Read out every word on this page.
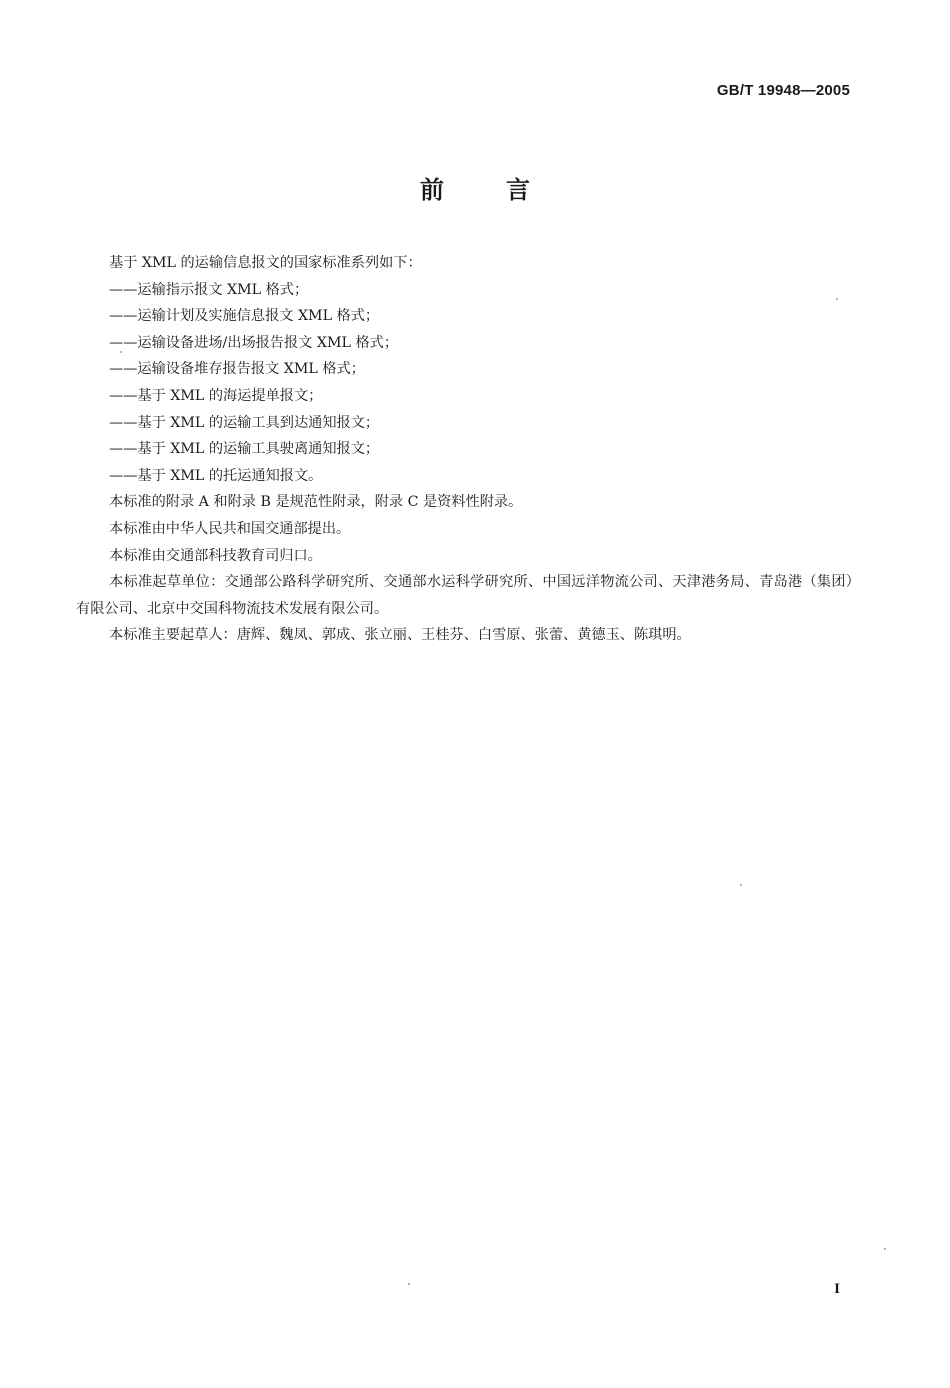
GB/T 19948—2005
前言

基于 XML 的运输信息报文的国家标准系列如下：

——运输指示报文 XML 格式；

——运输计划及实施信息报文 XML 格式；

——运输设备进场/出场报告报文 XML 格式；

——运输设备堆存报告报文 XML 格式；

——基于 XML 的海运提单报文；

——基于 XML 的运输工具到达通知报文；

——基于 XML 的运输工具驶离通知报文；

——基于 XML 的托运通知报文。

本标准的附录 A 和附录 B 是规范性附录，附录 C 是资料性附录。

本标准由中华人民共和国交通部提出。

本标准由交通部科技教育司归口。

本标准起草单位：交通部公路科学研究所、交通部水运科学研究所、中国远洋物流公司、天津港务局、青岛港（集团）有限公司、北京中交国科物流技术发展有限公司。

本标准主要起草人：唐辉、魏凤、郭成、张立丽、王桂芬、白雪原、张蕾、黄德玉、陈琪明。

I
